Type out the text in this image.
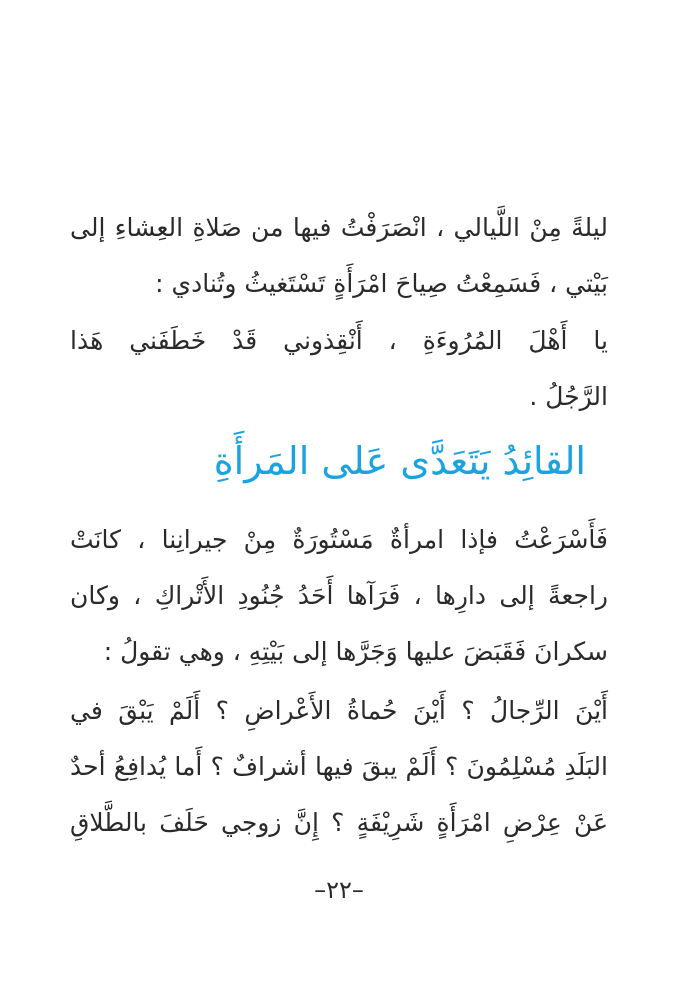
ليلةً مِنْ اللَّيالي ، انْصَرَفْتُ فيها من صَلاةِ العِشاءِ إلى
بَيْتي ، فَسَمِعْتُ صِياحَ امْرَأَةٍ تَسْتَغيثُ وتُنادي :
يا أَهْلَ المُرُوءَةِ ، أَنْقِذوني قَدْ خَطَفَني هَذا
الرَّجُلُ .
القائِدُ يَتَعَدَّى عَلى المَرأَةِ
فَأَسْرَعْتُ فإذا امرأةٌ مَسْتُورَةٌ مِنْ جيرانِنا ، كانَتْ
راجعةً إلى دارِها ، فَرَآها أَحَدُ جُنُودِ الأَتْراكِ ، وكان
سكرانَ فَقَبَضَ عليها وَجَرَّها إلى بَيْتِهِ ، وهي تقولُ :
أَيْنَ الرِّجالُ ؟ أَيْنَ حُماةُ الأَعْراضِ ؟ أَلَمْ يَبْقَ في
البَلَدِ مُسْلِمُونَ ؟ أَلَمْ يبقَ فيها أشرافٌ ؟ أَما يُدافِعُ أحدٌ
عَنْ عِرْضِ امْرَأَةٍ شَرِيْفَةٍ ؟ إِنَّ زوجي حَلَفَ بالطَّلاقِ
–٢٢–
